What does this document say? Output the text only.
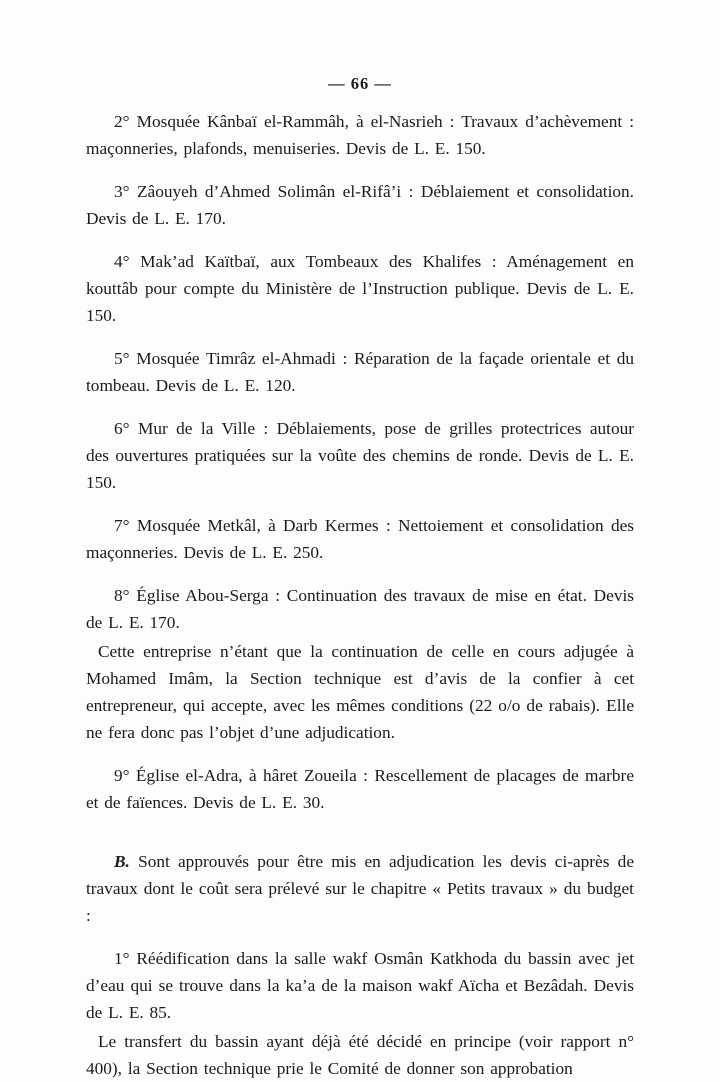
— 66 —

2° Mosquée Kânbaï el-Rammâh, à el-Nasrieh : Travaux d’achèvement : maçonneries, plafonds, menuiseries. Devis de L. E. 150.

3° Zâouyeh d’Ahmed Solimân el-Rifâ’i : Déblaiement et consolidation. Devis de L. E. 170.

4° Mak’ad Kaïtbaï, aux Tombeaux des Khalifes : Aménagement en kouttâb pour compte du Ministère de l’Instruction publique. Devis de L. E. 150.

5° Mosquée Timrâz el-Ahmadi : Réparation de la façade orientale et du tombeau. Devis de L. E. 120.

6° Mur de la Ville : Déblaiements, pose de grilles protectrices autour des ouvertures pratiquées sur la voûte des chemins de ronde. Devis de L. E. 150.

7° Mosquée Metkâl, à Darb Kermes : Nettoiement et consolidation des maçonneries. Devis de L. E. 250.

8° Église Abou-Serga : Continuation des travaux de mise en état. Devis de L. E. 170.

Cette entreprise n’étant que la continuation de celle en cours adjugée à Mohamed Imâm, la Section technique est d’avis de la confier à cet entrepreneur, qui accepte, avec les mêmes conditions (22 o/o de rabais). Elle ne fera donc pas l’objet d’une adjudication.

9° Église el-Adra, à hâret Zoueila : Rescellement de placages de marbre et de faïences. Devis de L. E. 30.

B. Sont approuvés pour être mis en adjudication les devis ci-après de travaux dont le coût sera prélevé sur le chapitre « Petits travaux » du budget :

1° Réédification dans la salle wakf Osmân Katkhoda du bassin avec jet d’eau qui se trouve dans la ka’a de la maison wakf Aïcha et Bezâdah. Devis de L. E. 85.

Le transfert du bassin ayant déjà été décidé en principe (voir rapport n° 400), la Section technique prie le Comité de donner son approbation
